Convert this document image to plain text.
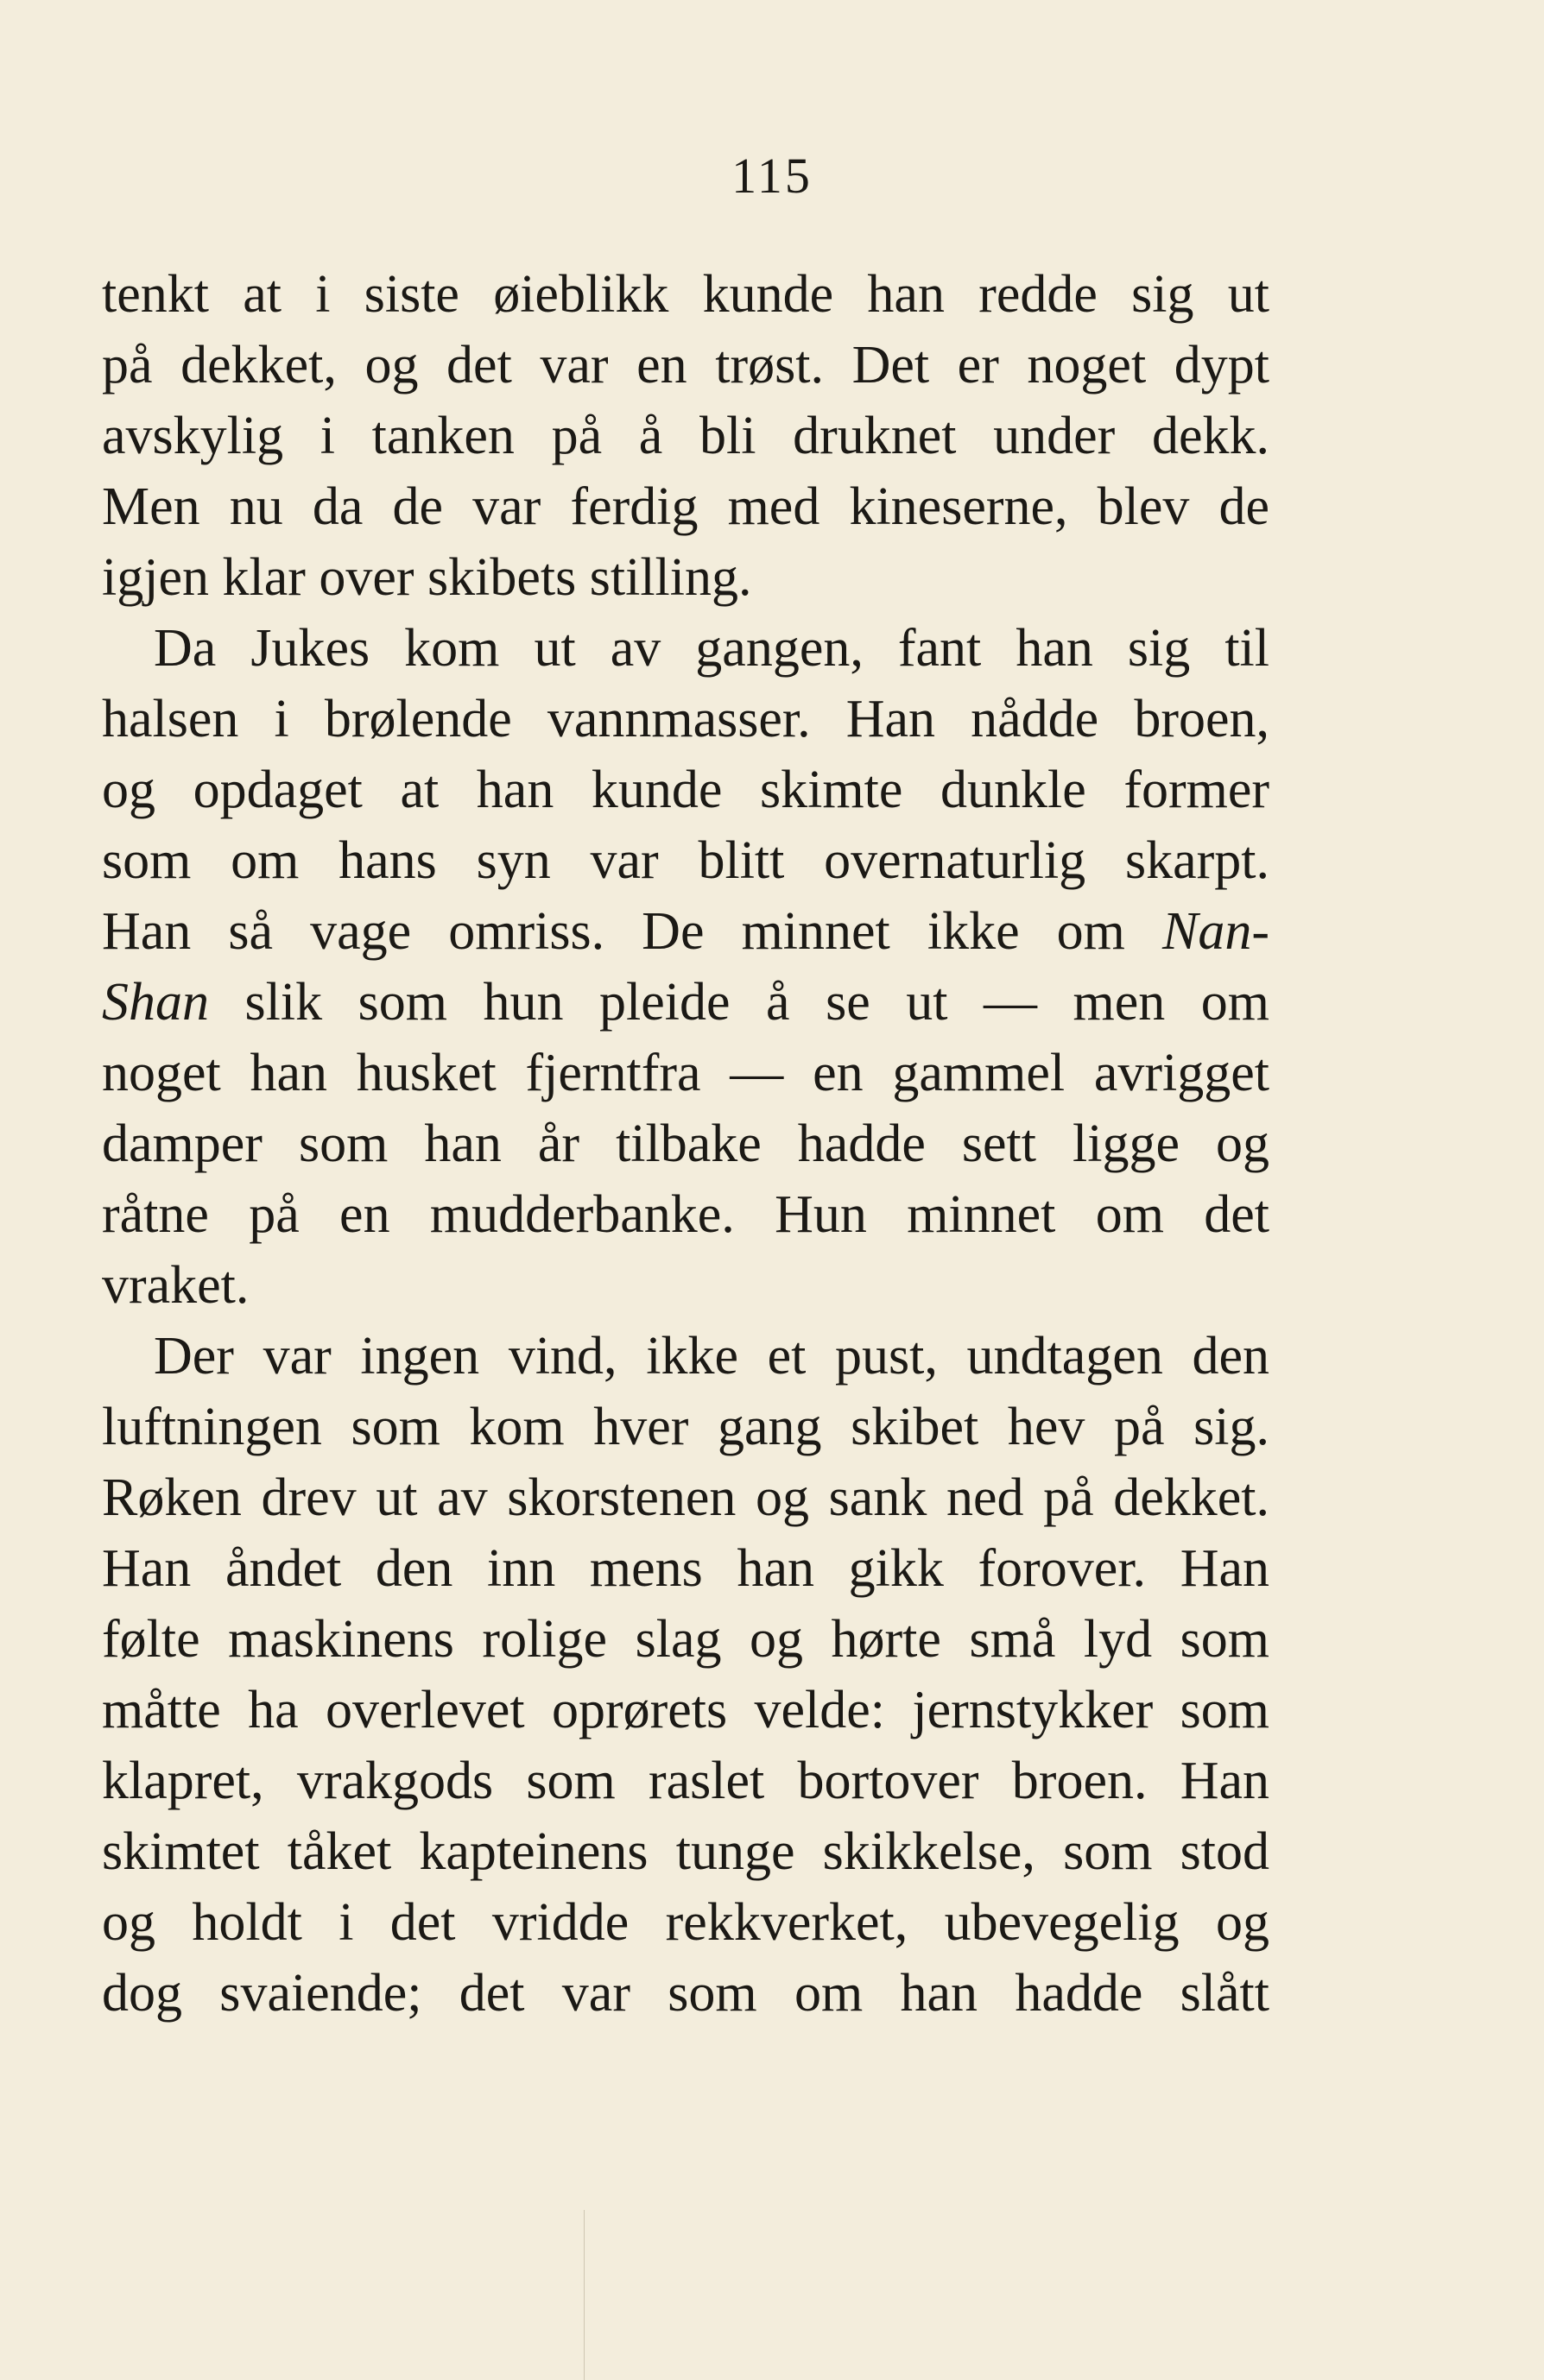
115
tenkt at i siste øieblikk kunde han redde sig ut
på dekket, og det var en trøst. Det er noget dypt
avskylig i tanken på å bli druknet under dekk.
Men nu da de var ferdig med kineserne, blev de
igjen klar over skibets stilling.
Da Jukes kom ut av gangen, fant han sig til
halsen i brølende vannmasser. Han nådde broen,
og opdaget at han kunde skimte dunkle former
som om hans syn var blitt overnaturlig skarpt.
Han så vage omriss. De minnet ikke om Nan-
Shan slik som hun pleide å se ut — men om
noget han husket fjerntfra — en gammel avrigget
damper som han år tilbake hadde sett ligge og
råtne på en mudderbanke. Hun minnet om det
vraket.
Der var ingen vind, ikke et pust, undtagen den
luftningen som kom hver gang skibet hev på sig.
Røken drev ut av skorstenen og sank ned på dekket.
Han åndet den inn mens han gikk forover. Han
følte maskinens rolige slag og hørte små lyd som
måtte ha overlevet oprørets velde: jernstykker som
klapret, vrakgods som raslet bortover broen. Han
skimtet tåket kapteinens tunge skikkelse, som stod
og holdt i det vridde rekkverket, ubevegelig og
dog svaiende; det var som om han hadde slått
